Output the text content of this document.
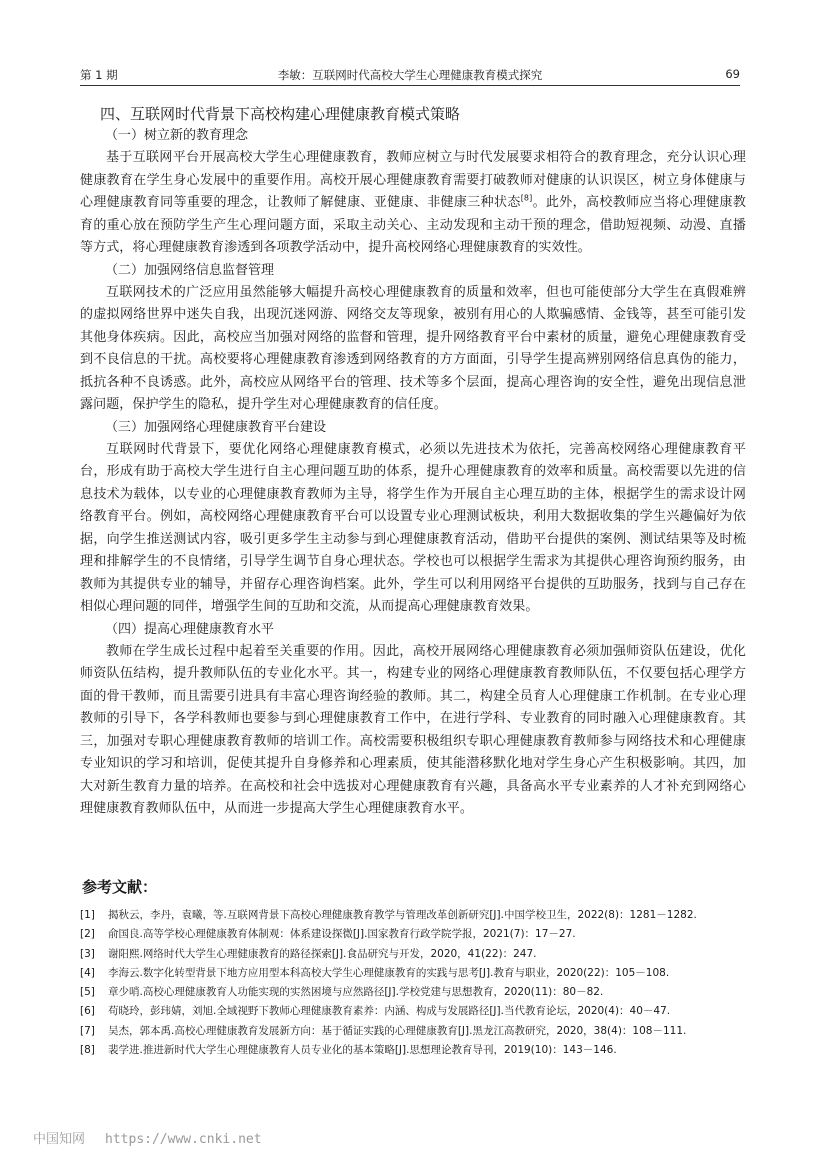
第 1 期	李敏：互联网时代高校大学生心理健康教育模式探究	69
四、互联网时代背景下高校构建心理健康教育模式策略
（一）树立新的教育理念

基于互联网平台开展高校大学生心理健康教育，教师应树立与时代发展要求相符合的教育理念，充分认识心理健康教育在学生身心发展中的重要作用。高校开展心理健康教育需要打破教师对健康的认识误区，树立身体健康与心理健康教育同等重要的理念，让教师了解健康、亚健康、非健康三种状态[8]。此外，高校教师应当将心理健康教育的重心放在预防学生产生心理问题方面，采取主动关心、主动发现和主动干预的理念，借助短视频、动漫、直播等方式，将心理健康教育渗透到各项教学活动中，提升高校网络心理健康教育的实效性。

（二）加强网络信息监督管理

互联网技术的广泛应用虽然能够大幅提升高校心理健康教育的质量和效率，但也可能使部分大学生在真假难辨的虚拟网络世界中迷失自我，出现沉迷网游、网络交友等现象，被别有用心的人欺骗感情、金钱等，甚至可能引发其他身体疾病。因此，高校应当加强对网络的监督和管理，提升网络教育平台中素材的质量，避免心理健康教育受到不良信息的干扰。高校要将心理健康教育渗透到网络教育的方方面面，引导学生提高辨别网络信息真伪的能力，抵抗各种不良诱惑。此外，高校应从网络平台的管理、技术等多个层面，提高心理咨询的安全性，避免出现信息泄露问题，保护学生的隐私，提升学生对心理健康教育的信任度。

（三）加强网络心理健康教育平台建设

互联网时代背景下，要优化网络心理健康教育模式，必须以先进技术为依托，完善高校网络心理健康教育平台，形成有助于高校大学生进行自主心理问题互助的体系，提升心理健康教育的效率和质量。高校需要以先进的信息技术为载体，以专业的心理健康教育教师为主导，将学生作为开展自主心理互助的主体，根据学生的需求设计网络教育平台。例如，高校网络心理健康教育平台可以设置专业心理测试板块，利用大数据收集的学生兴趣偏好为依据，向学生推送测试内容，吸引更多学生主动参与到心理健康教育活动，借助平台提供的案例、测试结果等及时梳理和排解学生的不良情绪，引导学生调节自身心理状态。学校也可以根据学生需求为其提供心理咨询预约服务，由教师为其提供专业的辅导，并留存心理咨询档案。此外，学生可以利用网络平台提供的互助服务，找到与自己存在相似心理问题的同伴，增强学生间的互助和交流，从而提高心理健康教育效果。

（四）提高心理健康教育水平

教师在学生成长过程中起着至关重要的作用。因此，高校开展网络心理健康教育必须加强师资队伍建设，优化师资队伍结构，提升教师队伍的专业化水平。其一，构建专业的网络心理健康教育教师队伍，不仅要包括心理学方面的骨干教师，而且需要引进具有丰富心理咨询经验的教师。其二，构建全员育人心理健康工作机制。在专业心理教师的引导下，各学科教师也要参与到心理健康教育工作中，在进行学科、专业教育的同时融入心理健康教育。其三，加强对专职心理健康教育教师的培训工作。高校需要积极组织专职心理健康教育教师参与网络技术和心理健康专业知识的学习和培训，促使其提升自身修养和心理素质，使其能潜移默化地对学生身心产生积极影响。其四，加大对新生教育力量的培养。在高校和社会中选拔对心理健康教育有兴趣，具备高水平专业素养的人才补充到网络心理健康教育教师队伍中，从而进一步提高大学生心理健康教育水平。

参考文献：
[1] 揭秋云，李丹，袁曦，等.互联网背景下高校心理健康教育教学与管理改革创新研究[J].中国学校卫生，2022(8)：1281－1282.
[2] 俞国良.高等学校心理健康教育体制观：体系建设探微[J].国家教育行政学院学报，2021(7)：17－27.
[3] 谢阳熙.网络时代大学生心理健康教育的路径探索[J].食品研究与开发，2020，41(22)：247.
[4] 李海云.数字化转型背景下地方应用型本科高校大学生心理健康教育的实践与思考[J].教育与职业，2020(22)：105－108.
[5] 章少哨.高校心理健康教育人功能实现的实然困境与应然路径[J].学校党建与思想教育，2020(11)：80－82.
[6] 苟晓玲，彭玮婧，刘旭.全域视野下教师心理健康教育素养：内涵、构成与发展路径[J].当代教育论坛，2020(4)：40－47.
[7] 吴杰，郭本禹.高校心理健康教育发展新方向：基于循证实践的心理健康教育[J].黑龙江高教研究，2020，38(4)：108－111.
[8] 裴学进.推进新时代大学生心理健康教育人员专业化的基本策略[J].思想理论教育导刊，2019(10)：143－146.
中国知网 https://www.cnki.net
